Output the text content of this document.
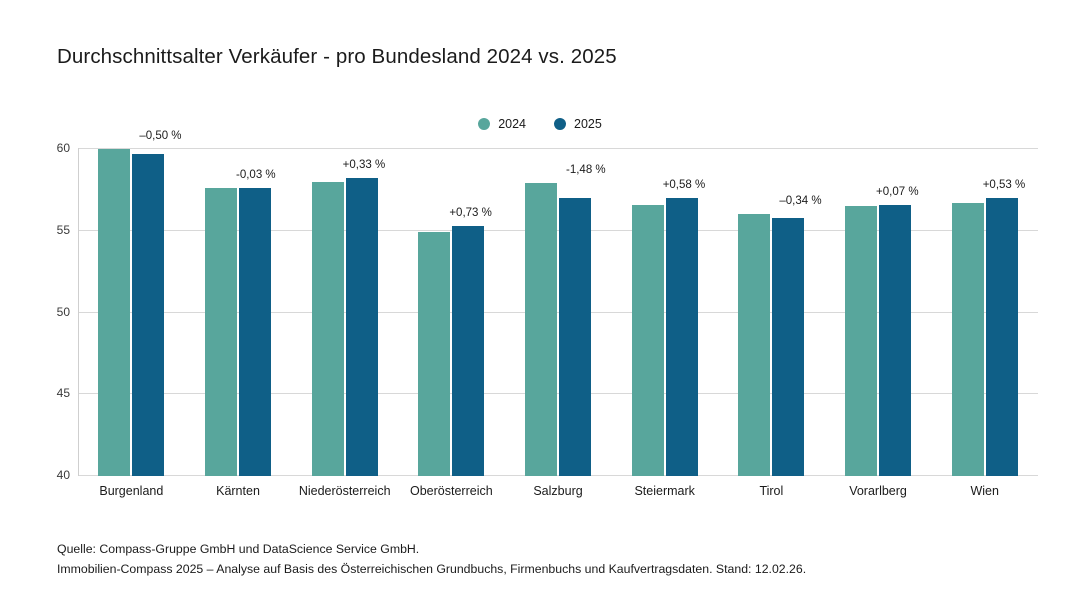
Durchschnittsalter Verkäufer - pro Bundesland 2024 vs. 2025
2024	2025
40
45
50
55
60
–0,50 %
Burgenland
-0,03 %
Kärnten
+0,33 %
Niederösterreich
+0,73 %
Oberösterreich
-1,48 %
Salzburg
+0,58 %
Steiermark
–0,34 %
Tirol
+0,07 %
Vorarlberg
+0,53 %
Wien
Quelle: Compass-Gruppe GmbH und DataScience Service GmbH.
Immobilien-Compass 2025 – Analyse auf Basis des Österreichischen Grundbuchs, Firmenbuchs und Kaufvertragsdaten. Stand: 12.02.26.
